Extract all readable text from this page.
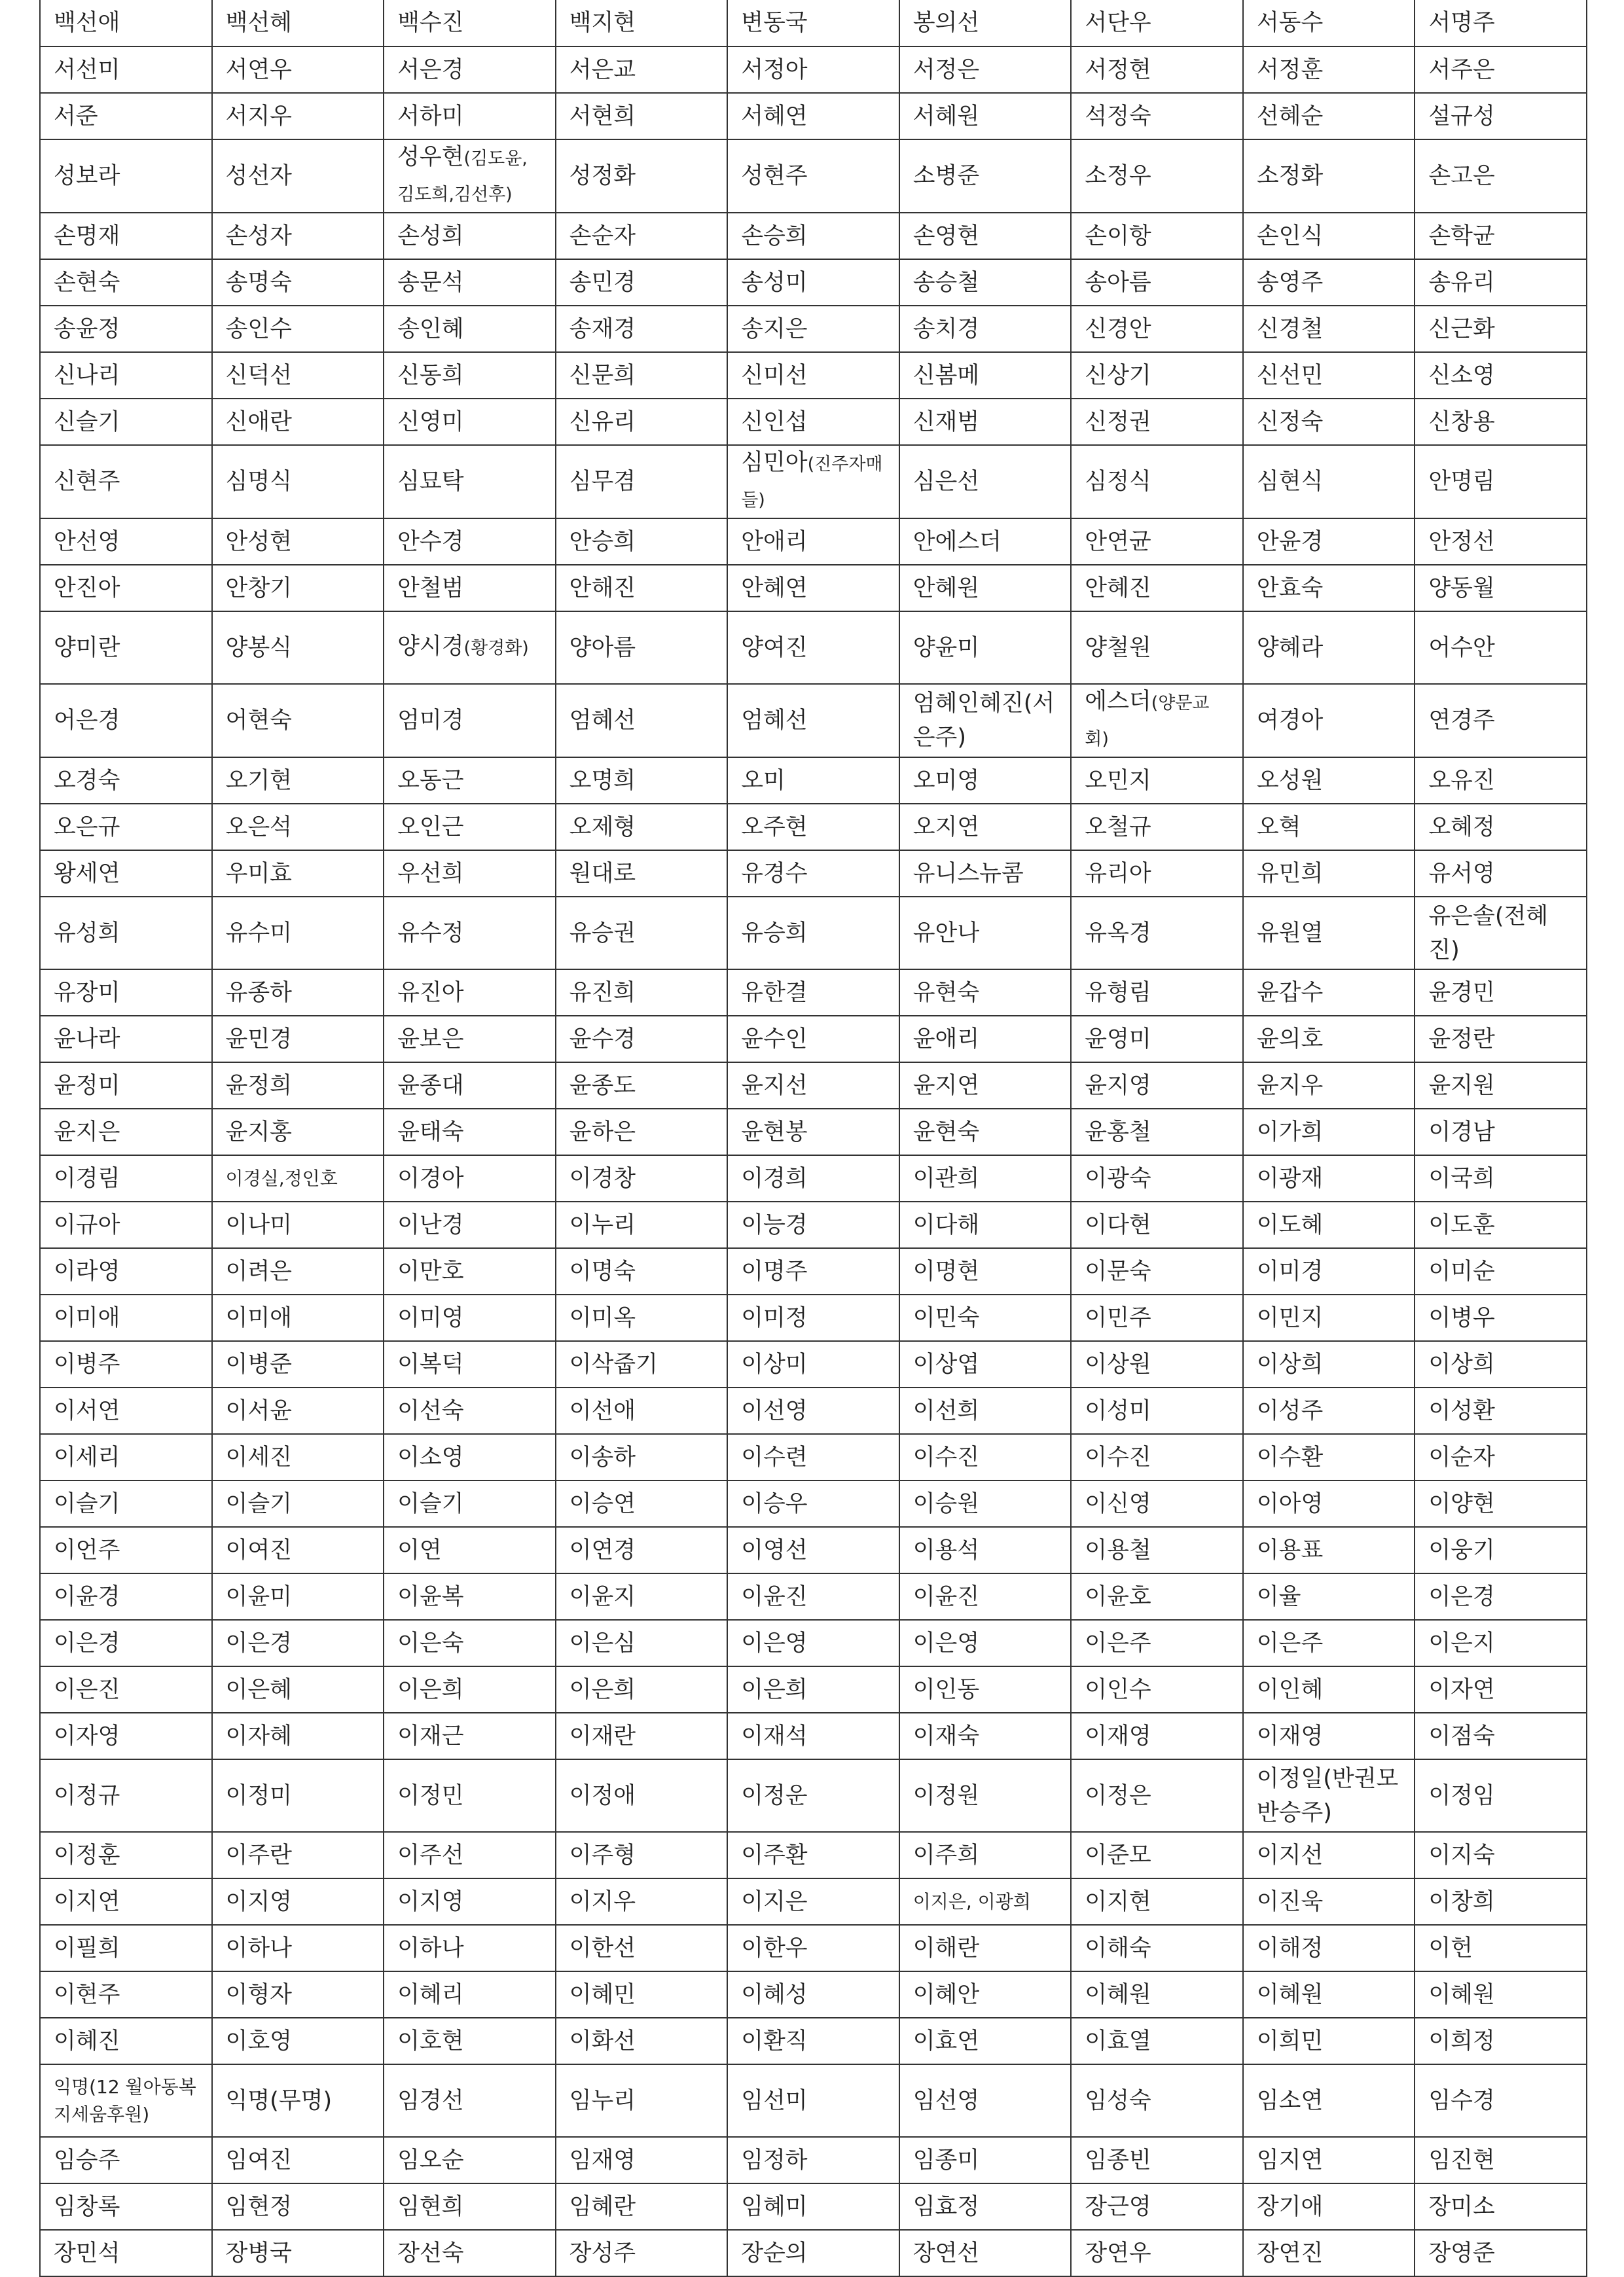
백선애	백선혜	백수진	백지현	변동국	봉의선	서단우	서동수	서명주
서선미	서연우	서은경	서은교	서정아	서정은	서정현	서정훈	서주은
서준	서지우	서하미	서현희	서혜연	서혜원	석정숙	선혜순	설규성
성보라	성선자	성우현(김도윤,김도희,김선후)	성정화	성현주	소병준	소정우	소정화	손고은
손명재	손성자	손성희	손순자	손승희	손영현	손이항	손인식	손학균
손현숙	송명숙	송문석	송민경	송성미	송승철	송아름	송영주	송유리
송윤정	송인수	송인혜	송재경	송지은	송치경	신경안	신경철	신근화
신나리	신덕선	신동희	신문희	신미선	신봄메	신상기	신선민	신소영
신슬기	신애란	신영미	신유리	신인섭	신재범	신정권	신정숙	신창용
신현주	심명식	심묘탁	심무겸	심민아(진주자매들)	심은선	심정식	심현식	안명림
안선영	안성현	안수경	안승희	안애리	안에스더	안연균	안윤경	안정선
안진아	안창기	안철범	안해진	안혜연	안혜원	안혜진	안효숙	양동월
양미란	양봉식	양시경(황경화)	양아름	양여진	양윤미	양철원	양혜라	어수안
어은경	어현숙	엄미경	엄혜선	엄혜선	엄혜인혜진(서은주)	에스더(양문교회)	여경아	연경주
오경숙	오기현	오동근	오명희	오미	오미영	오민지	오성원	오유진
오은규	오은석	오인근	오제형	오주현	오지연	오철규	오혁	오혜정
왕세연	우미효	우선희	원대로	유경수	유니스뉴콤	유리아	유민희	유서영
유성희	유수미	유수정	유승권	유승희	유안나	유옥경	유원열	유은솔(전혜진)
유장미	유종하	유진아	유진희	유한결	유현숙	유형림	윤갑수	윤경민
윤나라	윤민경	윤보은	윤수경	윤수인	윤애리	윤영미	윤의호	윤정란
윤정미	윤정희	윤종대	윤종도	윤지선	윤지연	윤지영	윤지우	윤지원
윤지은	윤지홍	윤태숙	윤하은	윤현봉	윤현숙	윤홍철	이가희	이경남
이경림	이경실,정인호	이경아	이경창	이경희	이관희	이광숙	이광재	이국희
이규아	이나미	이난경	이누리	이능경	이다해	이다현	이도혜	이도훈
이라영	이려은	이만호	이명숙	이명주	이명현	이문숙	이미경	이미순
이미애	이미애	이미영	이미옥	이미정	이민숙	이민주	이민지	이병우
이병주	이병준	이복덕	이삭줍기	이상미	이상엽	이상원	이상희	이상희
이서연	이서윤	이선숙	이선애	이선영	이선희	이성미	이성주	이성환
이세리	이세진	이소영	이송하	이수련	이수진	이수진	이수환	이순자
이슬기	이슬기	이슬기	이승연	이승우	이승원	이신영	이아영	이양현
이언주	이여진	이연	이연경	이영선	이용석	이용철	이용표	이웅기
이윤경	이윤미	이윤복	이윤지	이윤진	이윤진	이윤호	이율	이은경
이은경	이은경	이은숙	이은심	이은영	이은영	이은주	이은주	이은지
이은진	이은혜	이은희	이은희	이은희	이인동	이인수	이인혜	이자연
이자영	이자혜	이재근	이재란	이재석	이재숙	이재영	이재영	이점숙
이정규	이정미	이정민	이정애	이정운	이정원	이정은	이정일(반권모반승주)	이정임
이정훈	이주란	이주선	이주형	이주환	이주희	이준모	이지선	이지숙
이지연	이지영	이지영	이지우	이지은	이지은, 이광희	이지현	이진욱	이창희
이필희	이하나	이하나	이한선	이한우	이해란	이해숙	이해정	이헌
이현주	이형자	이혜리	이혜민	이혜성	이혜안	이혜원	이혜원	이혜원
이혜진	이호영	이호현	이화선	이환직	이효연	이효열	이희민	이희정
익명(12 월아동복지세움후원)	익명(무명)	임경선	임누리	임선미	임선영	임성숙	임소연	임수경
임승주	임여진	임오순	임재영	임정하	임종미	임종빈	임지연	임진현
임창록	임현정	임현희	임혜란	임혜미	임효정	장근영	장기애	장미소
장민석	장병국	장선숙	장성주	장순의	장연선	장연우	장연진	장영준
